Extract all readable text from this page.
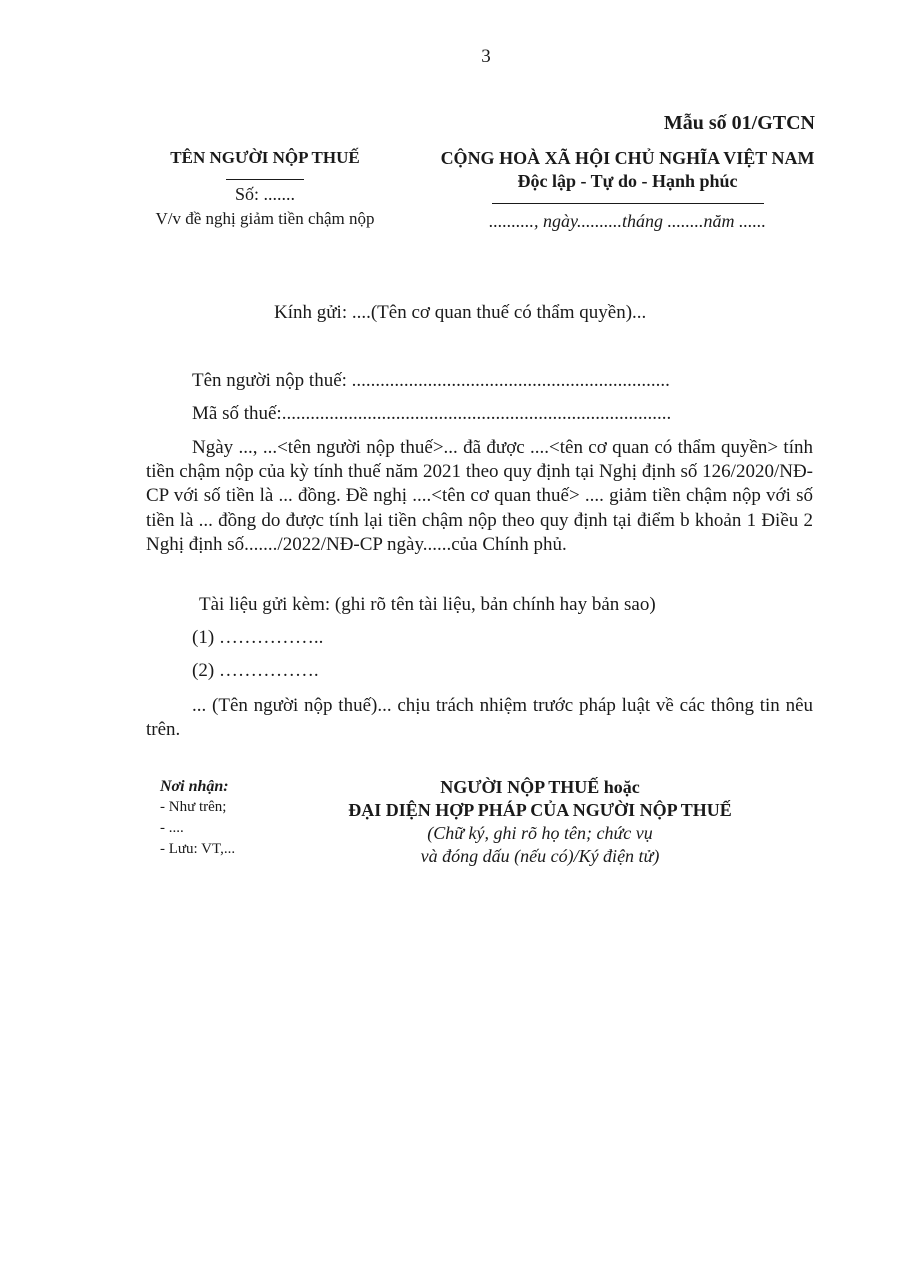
3
Mẫu số 01/GTCN
TÊN NGƯỜI NỘP THUẾ
Số: .......
V/v đề nghị giảm tiền chậm nộp
CỘNG HOÀ XÃ HỘI CHỦ NGHĨA VIỆT NAM
Độc lập - Tự do - Hạnh phúc
.........., ngày..........tháng ........năm ......
Kính gửi: ....(Tên cơ quan thuế có thẩm quyền)...
Tên người nộp thuế: ...................................................................
Mã số thuế:..................................................................................
Ngày ..., ...<tên người nộp thuế>... đã được ....<tên cơ quan có thẩm quyền> tính tiền chậm nộp của kỳ tính thuế năm 2021 theo quy định tại Nghị định số 126/2020/NĐ-CP với số tiền là ... đồng. Đề nghị ....<tên cơ quan thuế> .... giảm tiền chậm nộp với số tiền là ... đồng do được tính lại tiền chậm nộp theo quy định tại điểm b khoản 1 Điều 2 Nghị định số......./2022/NĐ-CP ngày......của Chính phủ.
Tài liệu gửi kèm: (ghi rõ tên tài liệu, bản chính hay bản sao)
(1) ……………..
(2) …………….
... (Tên người nộp thuế)... chịu trách nhiệm trước pháp luật về các thông tin nêu trên.
Nơi nhận:
- Như trên;
- ....
- Lưu: VT,...
NGƯỜI NỘP THUẾ hoặc
ĐẠI DIỆN HỢP PHÁP CỦA NGƯỜI NỘP THUẾ
(Chữ ký, ghi rõ họ tên; chức vụ
và đóng dấu (nếu có)/Ký điện tử)
